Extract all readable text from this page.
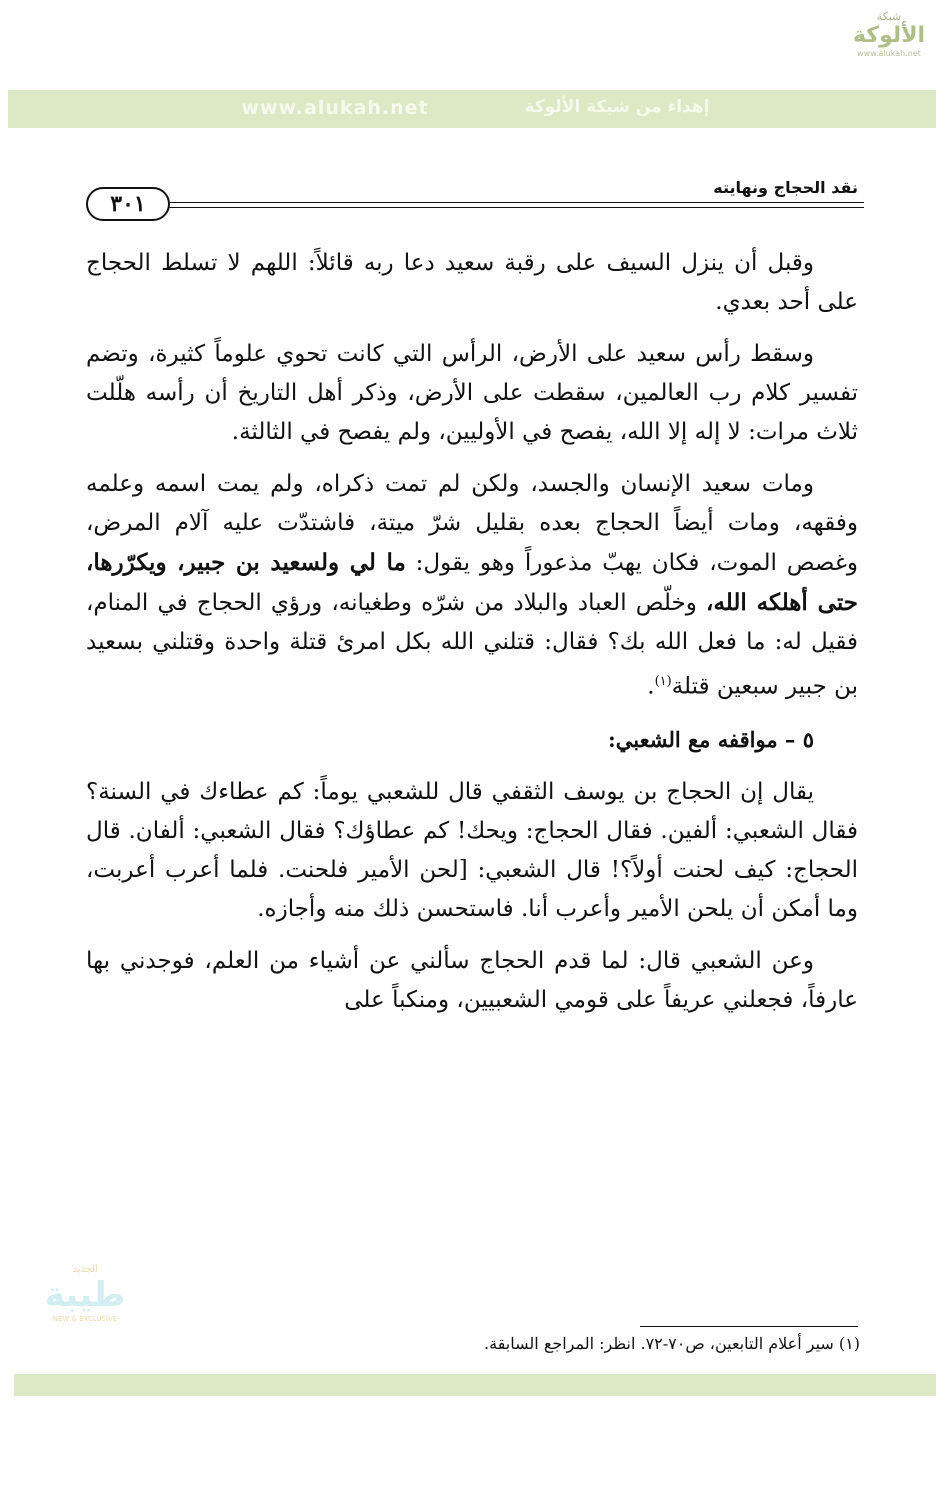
شبكة
الألوكة
www.alukah.net
إهداء من شبكة الألوكة
www.alukah.net
نقد الحجاج ونهايته
٣٠١

وقبل أن ينزل السيف على رقبة سعيد دعا ربه قائلاً: اللهم لا تسلط الحجاج على أحد بعدي.

وسقط رأس سعيد على الأرض، الرأس التي كانت تحوي علوماً كثيرة، وتضم تفسير كلام رب العالمين، سقطت على الأرض، وذكر أهل التاريخ أن رأسه هلّلت ثلاث مرات: لا إله إلا الله، يفصح في الأوليين، ولم يفصح في الثالثة.

ومات سعيد الإنسان والجسد، ولكن لم تمت ذكراه، ولم يمت اسمه وعلمه وفقهه، ومات أيضاً الحجاج بعده بقليل شرّ ميتة، فاشتدّت عليه آلام المرض، وغصص الموت، فكان يهبّ مذعوراً وهو يقول: ما لي ولسعيد بن جبير، ويكرّرها، حتى أهلكه الله، وخلّص العباد والبلاد من شرّه وطغيانه، ورؤي الحجاج في المنام، فقيل له: ما فعل الله بك؟ فقال: قتلني الله بكل امرئ قتلة واحدة وقتلني بسعيد بن جبير سبعين قتلة$^{(١)}$.

٥ – مواقفه مع الشعبي:

يقال إن الحجاج بن يوسف الثقفي قال للشعبي يوماً: كم عطاءك في السنة؟ فقال الشعبي: ألفين. فقال الحجاج: ويحك! كم عطاؤك؟ فقال الشعبي: ألفان. قال الحجاج: كيف لحنت أولاً؟! قال الشعبي: [لحن الأمير فلحنت. فلما أعرب أعربت، وما أمكن أن يلحن الأمير وأعرب أنا. فاستحسن ذلك منه وأجازه.

وعن الشعبي قال: لما قدم الحجاج سألني عن أشياء من العلم، فوجدني بها عارفاً، فجعلني عريفاً على قومي الشعبيين، ومنكباً على

الجديد
طيبة
NEW & EXCLUSIVE
(١) سير أعلام التابعين، ص٧٠-٧٢. انظر: المراجع السابقة.
